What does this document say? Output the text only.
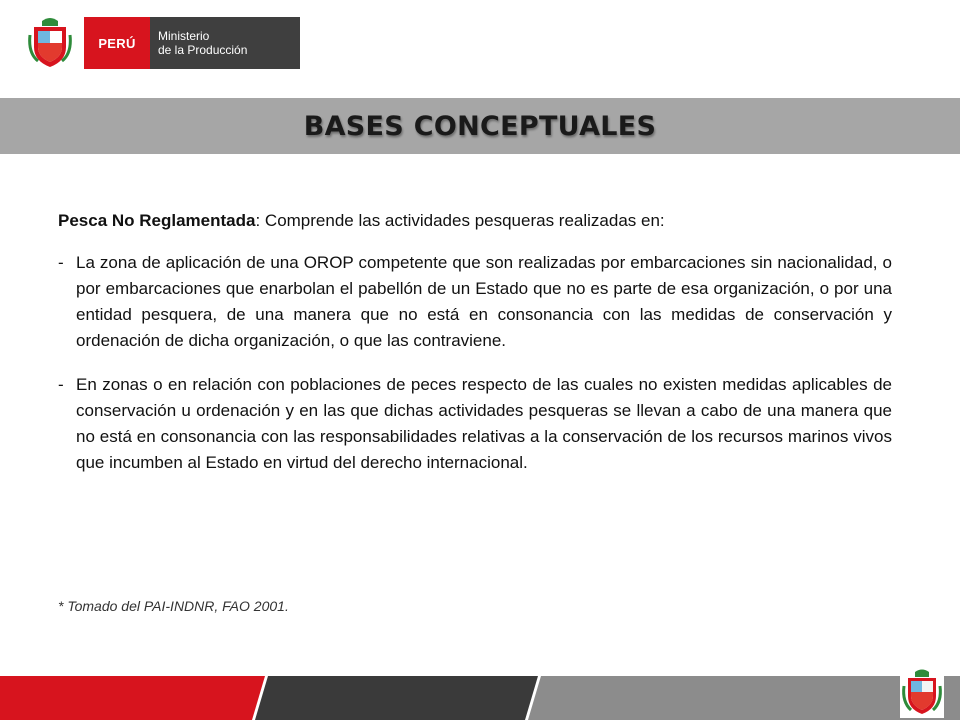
PERÚ Ministerio
de la Producción
BASES CONCEPTUALES

Pesca No Reglamentada: Comprende las actividades pesqueras realizadas en:

- La zona de aplicación de una OROP competente que son realizadas por embarcaciones sin nacionalidad, o por embarcaciones que enarbolan el pabellón de un Estado que no es parte de esa organización, o por una entidad pesquera, de una manera que no está en consonancia con las medidas de conservación y ordenación de dicha organización, o que las contraviene.

- En zonas o en relación con poblaciones de peces respecto de las cuales no existen medidas aplicables de conservación u ordenación y en las que dichas actividades pesqueras se llevan a cabo de una manera que no está en consonancia con las responsabilidades relativas a la conservación de los recursos marinos vivos que incumben al Estado en virtud del derecho internacional.

* Tomado del PAI-INDNR, FAO 2001.
